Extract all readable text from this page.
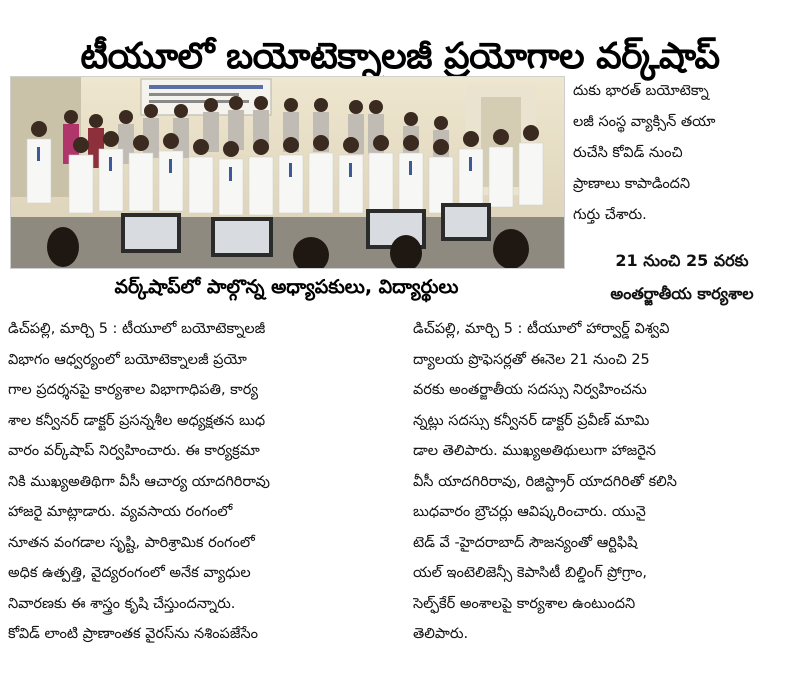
టీయూలో బయోటెక్నాలజీ ప్రయోగాల వర్క్‌షాప్
వర్క్‌షాప్‌లో పాల్గొన్న అధ్యాపకులు, విద్యార్థులు
దుకు భారత్ బయోటెక్నా
లజీ సంస్థ వ్యాక్సిన్ తయా
రుచేసి కోవిడ్ నుంచి
ప్రాణాలు కాపాడిందని
గుర్తు చేశారు.
21 నుంచి 25 వరకు
అంతర్జాతీయ కార్యశాల
డిచ్‌పల్లి, మార్చి 5 : టీయూలో బయోటెక్నాలజీ
విభాగం ఆధ్వర్యంలో బయోటెక్నాలజీ ప్రయో
గాల ప్రదర్శనపై కార్యశాల విభాగాధిపతి, కార్య
శాల కన్వీనర్ డాక్టర్ ప్రసన్నశీల అధ్యక్షతన బుధ
వారం వర్క్‌షాప్ నిర్వహించారు. ఈ కార్యక్రమా
నికి ముఖ్యఅతిథిగా వీసీ ఆచార్య యాదగిరిరావు
హాజరై మాట్లాడారు. వ్యవసాయ రంగంలో
నూతన వంగడాల సృష్టి, పారిశ్రామిక రంగంలో
అధిక ఉత్పత్తి, వైద్యరంగంలో అనేక వ్యాధుల
నివారణకు ఈ శాస్త్రం కృషి చేస్తుందన్నారు.
కోవిడ్ లాంటి ప్రాణాంతక వైరస్‌ను నశింపజేసేం
డిచ్‌పల్లి, మార్చి 5 : టీయూలో హార్వార్డ్ విశ్వవి
ద్యాలయ ప్రొఫెసర్లతో ఈనెల 21 నుంచి 25
వరకు అంతర్జాతీయ సదస్సు నిర్వహించను
న్నట్లు సదస్సు కన్వీనర్ డాక్టర్ ప్రవీణ్ మామి
డాల తెలిపారు. ముఖ్యఅతిథులుగా హాజరైన
వీసీ యాదగిరిరావు, రిజిస్ట్రార్ యాదగిరితో కలిసి
బుధవారం బ్రౌచర్లు ఆవిష్కరించారు. యునై
టెడ్ వే -హైదరాబాద్ సౌజన్యంతో ఆర్టిఫిషి
యల్ ఇంటెలిజెన్సీ కెపాసిటీ బిల్డింగ్ ప్రోగ్రాం,
సెల్ఫ్‌కేర్ అంశాలపై కార్యశాల ఉంటుందని
తెలిపారు.
